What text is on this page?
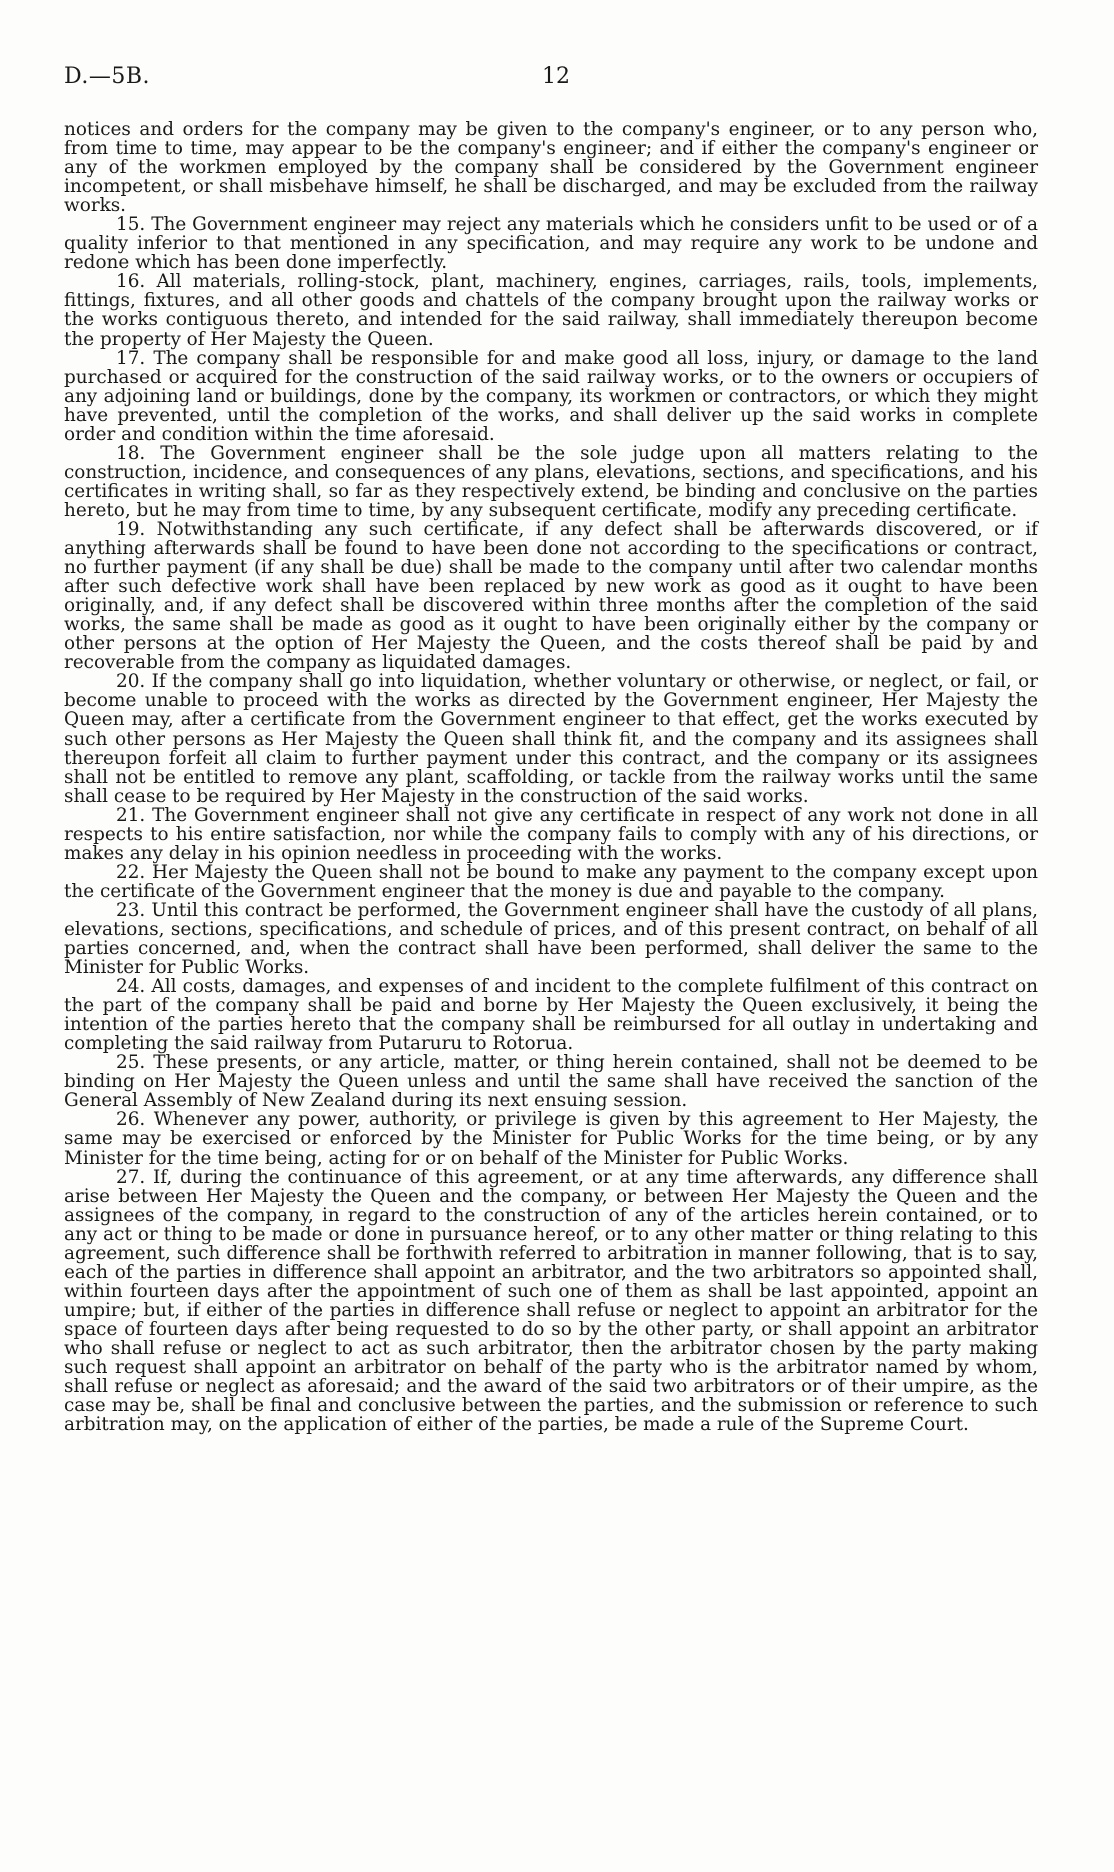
D.—5B.	12

notices and orders for the company may be given to the company's engineer, or to any person who, from time to time, may appear to be the company's engineer; and if either the company's engineer or any of the workmen employed by the company shall be considered by the Government engineer incompetent, or shall misbehave himself, he shall be discharged, and may be excluded from the railway works.

15. The Government engineer may reject any materials which he considers unfit to be used or of a quality inferior to that mentioned in any specification, and may require any work to be undone and redone which has been done imperfectly.

16. All materials, rolling-stock, plant, machinery, engines, carriages, rails, tools, implements, fittings, fixtures, and all other goods and chattels of the company brought upon the railway works or the works contiguous thereto, and intended for the said railway, shall immediately thereupon become the property of Her Majesty the Queen.

17. The company shall be responsible for and make good all loss, injury, or damage to the land purchased or acquired for the construction of the said railway works, or to the owners or occupiers of any adjoining land or buildings, done by the company, its workmen or contractors, or which they might have prevented, until the completion of the works, and shall deliver up the said works in complete order and condition within the time aforesaid.

18. The Government engineer shall be the sole judge upon all matters relating to the construction, incidence, and consequences of any plans, elevations, sections, and specifications, and his certificates in writing shall, so far as they respectively extend, be binding and conclusive on the parties hereto, but he may from time to time, by any subsequent certificate, modify any preceding certificate.

19. Notwithstanding any such certificate, if any defect shall be afterwards discovered, or if anything afterwards shall be found to have been done not according to the specifications or contract, no further payment (if any shall be due) shall be made to the company until after two calendar months after such defective work shall have been replaced by new work as good as it ought to have been originally, and, if any defect shall be discovered within three months after the completion of the said works, the same shall be made as good as it ought to have been originally either by the company or other persons at the option of Her Majesty the Queen, and the costs thereof shall be paid by and recoverable from the company as liquidated damages.

20. If the company shall go into liquidation, whether voluntary or otherwise, or neglect, or fail, or become unable to proceed with the works as directed by the Government engineer, Her Majesty the Queen may, after a certificate from the Government engineer to that effect, get the works executed by such other persons as Her Majesty the Queen shall think fit, and the company and its assignees shall thereupon forfeit all claim to further payment under this contract, and the company or its assignees shall not be entitled to remove any plant, scaffolding, or tackle from the railway works until the same shall cease to be required by Her Majesty in the construction of the said works.

21. The Government engineer shall not give any certificate in respect of any work not done in all respects to his entire satisfaction, nor while the company fails to comply with any of his directions, or makes any delay in his opinion needless in proceeding with the works.

22. Her Majesty the Queen shall not be bound to make any payment to the company except upon the certificate of the Government engineer that the money is due and payable to the company.

23. Until this contract be performed, the Government engineer shall have the custody of all plans, elevations, sections, specifications, and schedule of prices, and of this present contract, on behalf of all parties concerned, and, when the contract shall have been performed, shall deliver the same to the Minister for Public Works.

24. All costs, damages, and expenses of and incident to the complete fulfilment of this contract on the part of the company shall be paid and borne by Her Majesty the Queen exclusively, it being the intention of the parties hereto that the company shall be reimbursed for all outlay in undertaking and completing the said railway from Putaruru to Rotorua.

25. These presents, or any article, matter, or thing herein contained, shall not be deemed to be binding on Her Majesty the Queen unless and until the same shall have received the sanction of the General Assembly of New Zealand during its next ensuing session.

26. Whenever any power, authority, or privilege is given by this agreement to Her Majesty, the same may be exercised or enforced by the Minister for Public Works for the time being, or by any Minister for the time being, acting for or on behalf of the Minister for Public Works.

27. If, during the continuance of this agreement, or at any time afterwards, any difference shall arise between Her Majesty the Queen and the company, or between Her Majesty the Queen and the assignees of the company, in regard to the construction of any of the articles herein contained, or to any act or thing to be made or done in pursuance hereof, or to any other matter or thing relating to this agreement, such difference shall be forthwith referred to arbitration in manner following, that is to say, each of the parties in difference shall appoint an arbitrator, and the two arbitrators so appointed shall, within fourteen days after the appointment of such one of them as shall be last appointed, appoint an umpire; but, if either of the parties in difference shall refuse or neglect to appoint an arbitrator for the space of fourteen days after being requested to do so by the other party, or shall appoint an arbitrator who shall refuse or neglect to act as such arbitrator, then the arbitrator chosen by the party making such request shall appoint an arbitrator on behalf of the party who is the arbitrator named by whom, shall refuse or neglect as aforesaid; and the award of the said two arbitrators or of their umpire, as the case may be, shall be final and conclusive between the parties, and the submission or reference to such arbitration may, on the application of either of the parties, be made a rule of the Supreme Court.
